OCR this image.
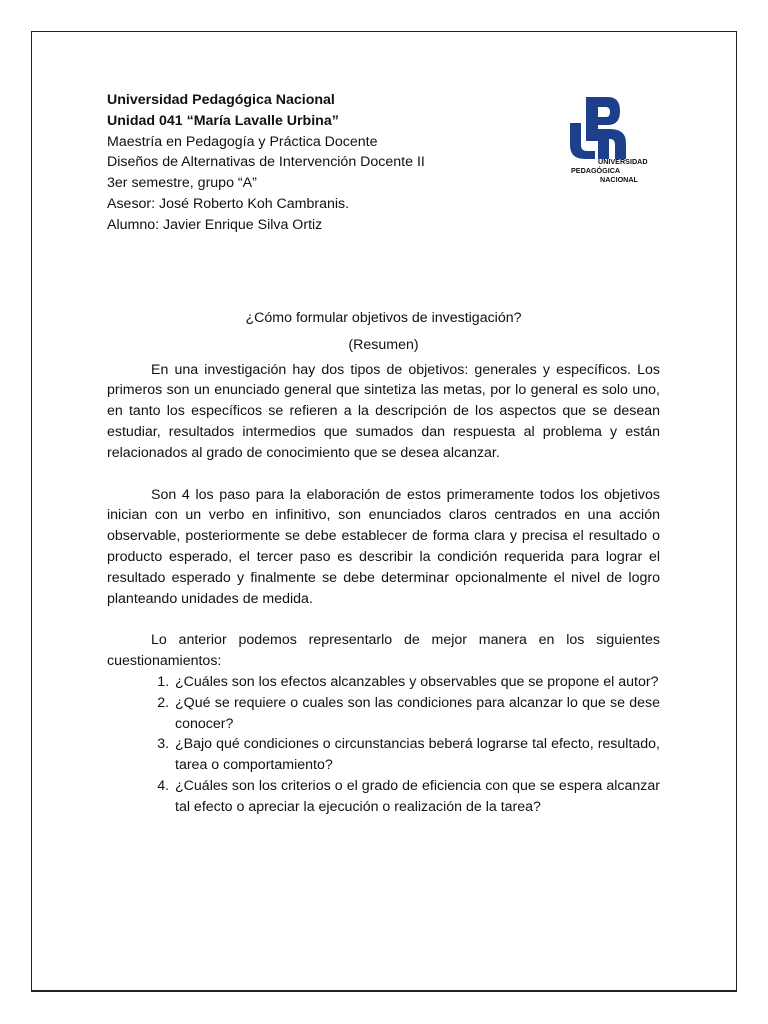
UNIVERSIDAD
PEDAGÓGICA
NACIONAL
Universidad Pedagógica Nacional
Unidad 041 “María Lavalle Urbina”
Maestría en Pedagogía y Práctica Docente
Diseños de Alternativas de Intervención Docente II
3er semestre, grupo “A”
Asesor: José Roberto Koh Cambranis.
Alumno: Javier Enrique Silva Ortiz
¿Cómo formular objetivos de investigación?
(Resumen)

En una investigación hay dos tipos de objetivos: generales y específicos. Los primeros son un enunciado general que sintetiza las metas, por lo general es solo uno, en tanto los específicos se refieren a la descripción de los aspectos que se desean estudiar, resultados intermedios que sumados dan respuesta al problema y están relacionados al grado de conocimiento que se desea alcanzar.

Son 4 los paso para la elaboración de estos primeramente todos los objetivos inician con un verbo en infinitivo, son enunciados claros centrados en una acción observable, posteriormente se debe establecer de forma clara y precisa el resultado o producto esperado, el tercer paso es describir la condición requerida para lograr el resultado esperado y finalmente se debe determinar opcionalmente el nivel de logro planteando unidades de medida.

Lo anterior podemos representarlo de mejor manera en los siguientes cuestionamientos:

1. ¿Cuáles son los efectos alcanzables y observables que se propone el autor?
2. ¿Qué se requiere o cuales son las condiciones para alcanzar lo que se dese conocer?
3. ¿Bajo qué condiciones o circunstancias beberá lograrse tal efecto, resultado, tarea o comportamiento?
4. ¿Cuáles son los criterios o el grado de eficiencia con que se espera alcanzar tal efecto o apreciar la ejecución o realización de la tarea?
